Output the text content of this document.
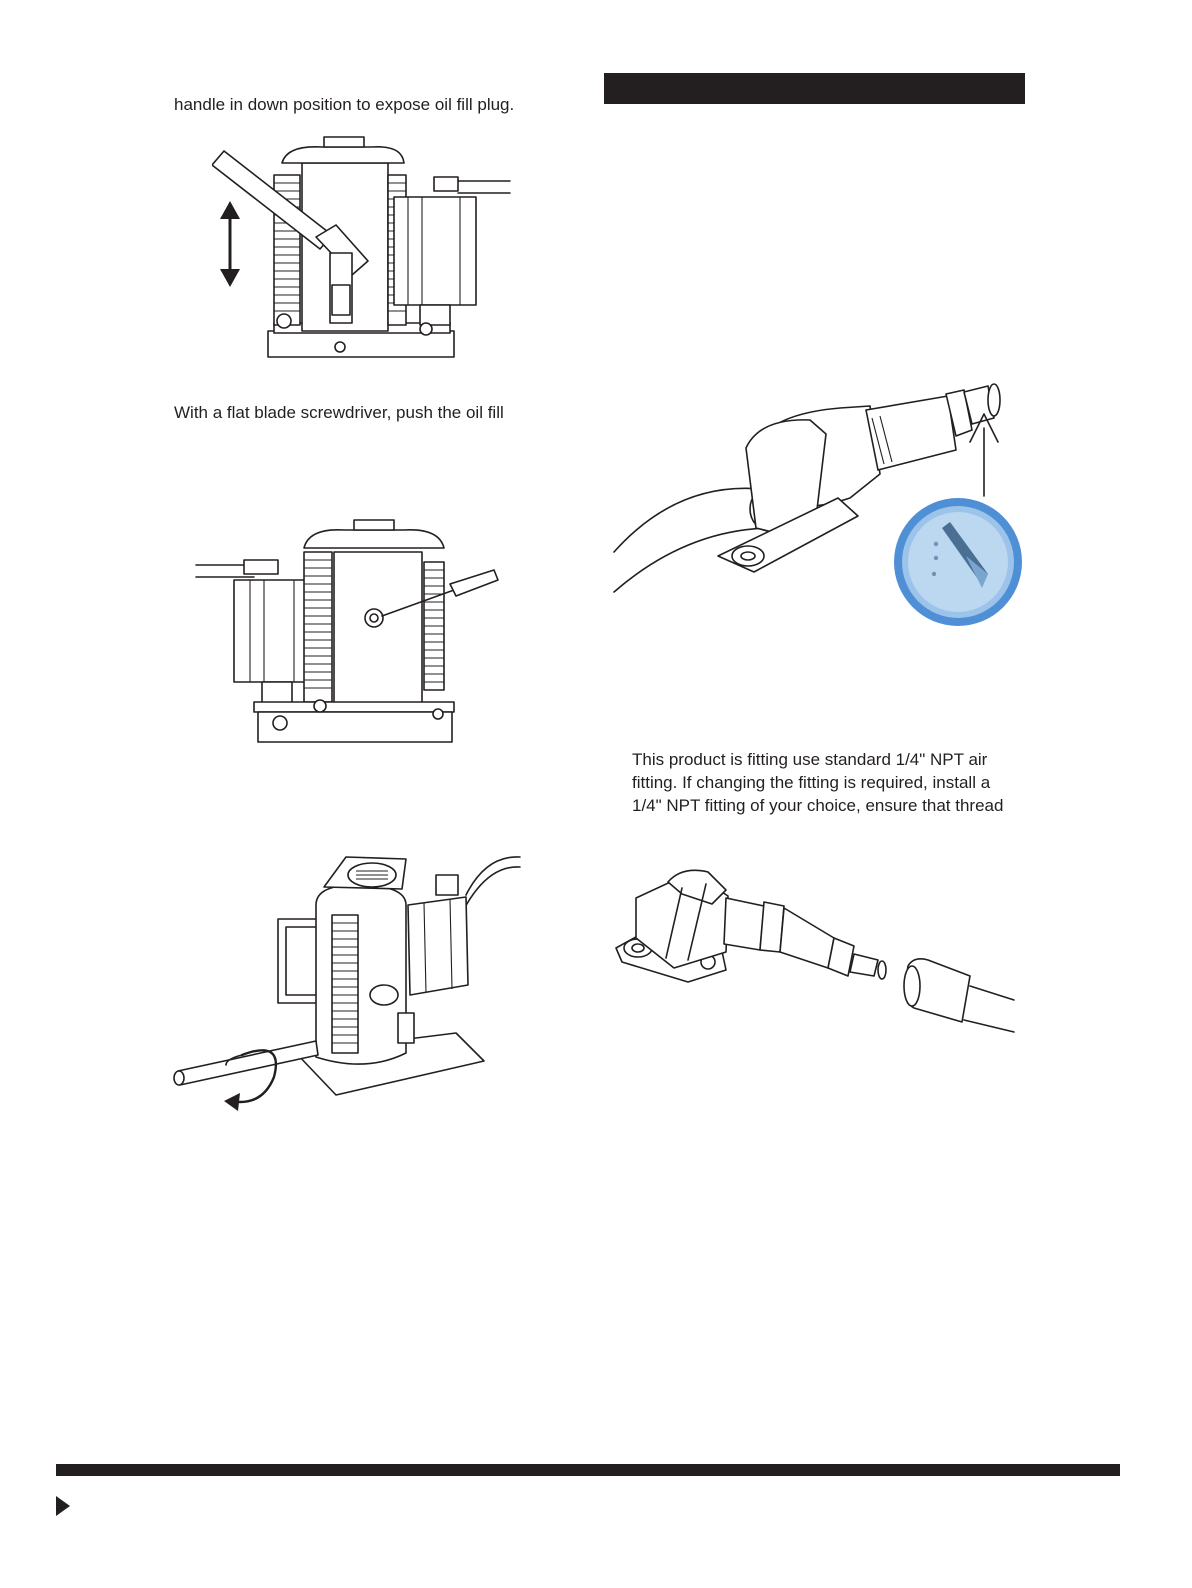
handle in down position to expose oil fill plug.
With a flat blade screwdriver, push the oil fill
This product is fitting use standard 1/4" NPT air
fitting. If changing the fitting is required, install a
1/4" NPT fitting of your choice, ensure that thread
